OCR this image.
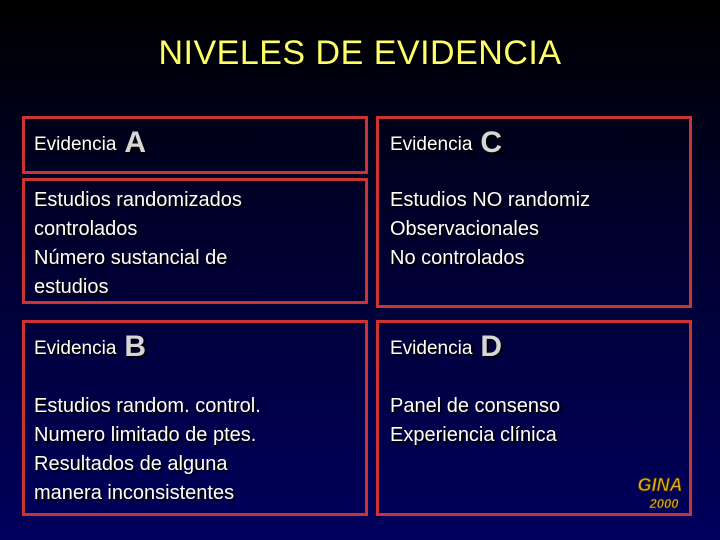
NIVELES DE EVIDENCIA
Evidencia A
Estudios randomizados
controlados
Número sustancial de
estudios
Evidencia C
Estudios NO randomiz
Observacionales
No controlados
Evidencia B
Estudios random. control.
Numero limitado de ptes.
Resultados de alguna
manera inconsistentes
Evidencia D
Panel de consenso
Experiencia clínica
GINA
2000
